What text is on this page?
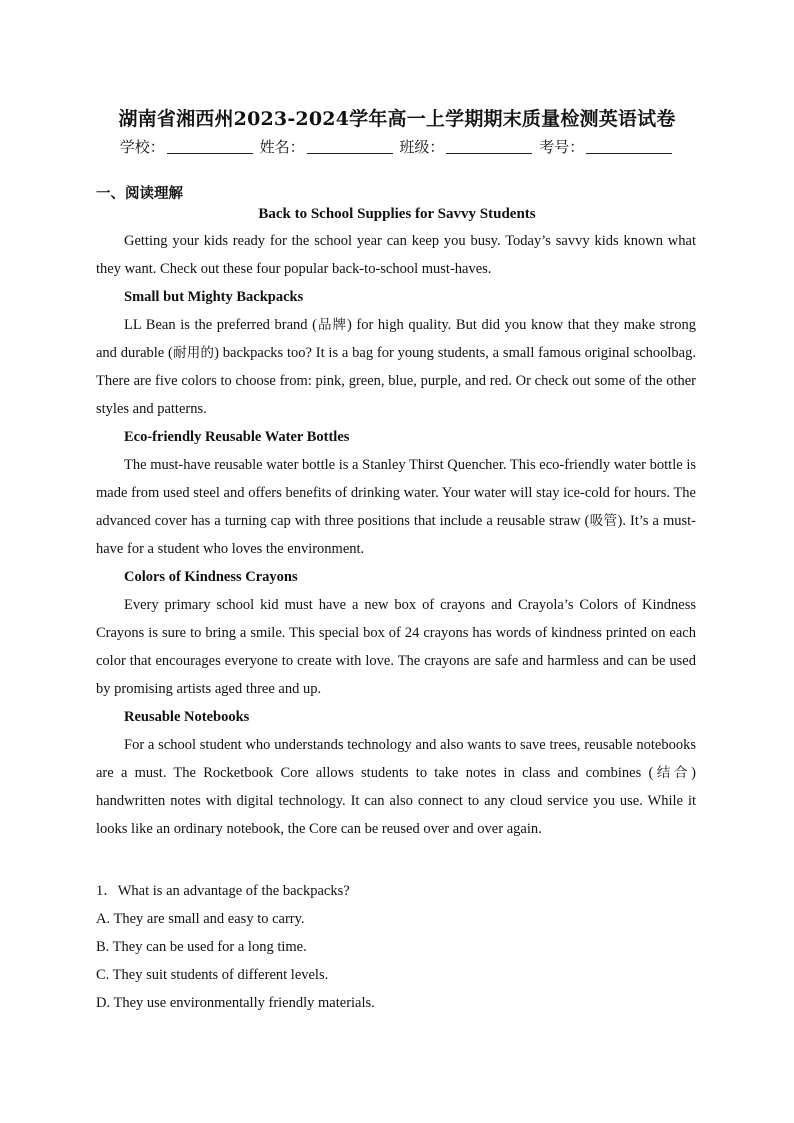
湖南省湘西州2023-2024学年高一上学期期末质量检测英语试卷
学校：	姓名：	班级：	考号：
一、阅读理解
Back to School Supplies for Savvy Students

Getting your kids ready for the school year can keep you busy. Today’s savvy kids known what they want. Check out these four popular back-to-school must-haves.

Small but Mighty Backpacks

LL Bean is the preferred brand (品牌) for high quality. But did you know that they make strong and durable (耐用的) backpacks too? It is a bag for young students, a small famous original schoolbag. There are five colors to choose from: pink, green, blue, purple, and red. Or check out some of the other styles and patterns.

Eco-friendly Reusable Water Bottles

The must-have reusable water bottle is a Stanley Thirst Quencher. This eco-friendly water bottle is made from used steel and offers benefits of drinking water. Your water will stay ice-cold for hours. The advanced cover has a turning cap with three positions that include a reusable straw (吸管). It’s a must-have for a student who loves the environment.

Colors of Kindness Crayons

Every primary school kid must have a new box of crayons and Crayola’s Colors of Kindness Crayons is sure to bring a smile. This special box of 24 crayons has words of kindness printed on each color that encourages everyone to create with love. The crayons are safe and harmless and can be used by promising artists aged three and up.

Reusable Notebooks

For a school student who understands technology and also wants to save trees, reusable notebooks are a must. The Rocketbook Core allows students to take notes in class and combines (结合) handwritten notes with digital technology. It can also connect to any cloud service you use. While it looks like an ordinary notebook, the Core can be reused over and over again.

1．What is an advantage of the backpacks?
A. They are small and easy to carry.
B. They can be used for a long time.
C. They suit students of different levels.
D. They use environmentally friendly materials.
